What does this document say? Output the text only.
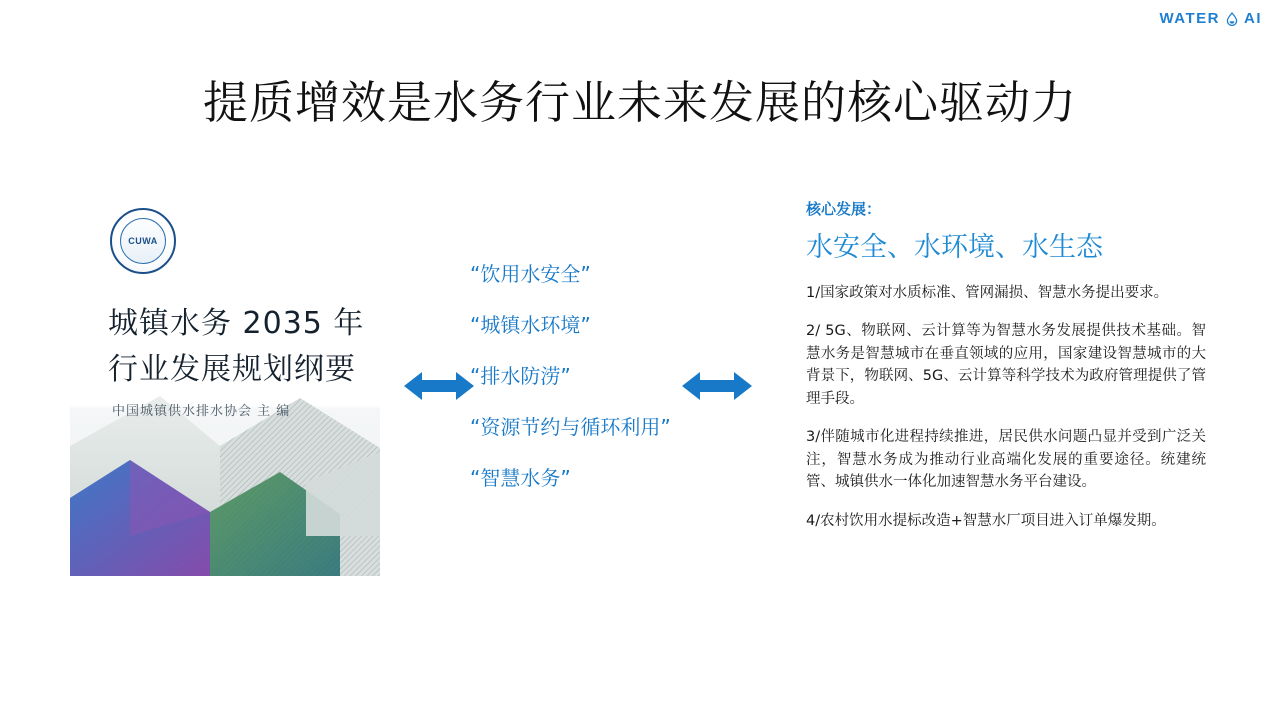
WATER AI
提质增效是水务行业未来发展的核心驱动力
CUWA
城镇水务 2035 年
行业发展规划纲要
中国城镇供水排水协会 主 编
“饮用水安全”
“城镇水环境”
“排水防涝”
“资源节约与循环利用”
“智慧水务”
核心发展：
水安全、水环境、水生态
1/国家政策对水质标准、管网漏损、智慧水务提出要求。
2/ 5G、物联网、云计算等为智慧水务发展提供技术基础。智慧水务是智慧城市在垂直领域的应用，国家建设智慧城市的大背景下，物联网、5G、云计算等科学技术为政府管理提供了管理手段。
3/伴随城市化进程持续推进，居民供水问题凸显并受到广泛关注，智慧水务成为推动行业高端化发展的重要途径。统建统管、城镇供水一体化加速智慧水务平台建设。
4/农村饮用水提标改造+智慧水厂项目进入订单爆发期。
